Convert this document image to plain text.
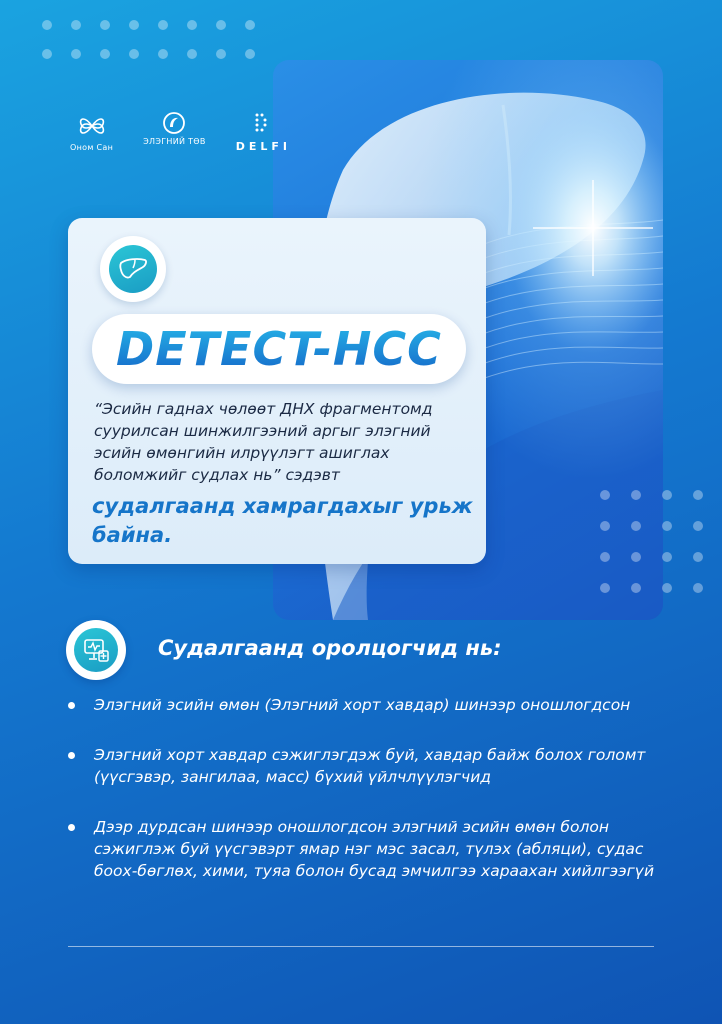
Оном Сан
ЭЛЭГНИЙ ТӨВ	DELFI
DETECT-HCC
“Эсийн гаднах чөлөөт ДНХ фрагментомд суурилсан шинжилгээний аргыг элэгний эсийн өмөнгийн илрүүлэгт ашиглах боломжийг судлах нь” сэдэвт
судалгаанд хамрагдахыг урьж байна.
Судалгаанд оролцогчид нь:
Элэгний эсийн өмөн (Элэгний хорт хавдар) шинээр оношлогдсон
Элэгний хорт хавдар сэжиглэгдэж буй, хавдар байж болох голомт (үүсгэвэр, зангилаа, масс) бүхий үйлчлүүлэгчид
Дээр дурдсан шинээр оношлогдсон элэгний эсийн өмөн болон сэжиглэж буй үүсгэвэрт ямар нэг мэс засал, түлэх (абляци), судас боох-бөглөх, хими, туяа болон бусад эмчилгээ хараахан хийлгээгүй
